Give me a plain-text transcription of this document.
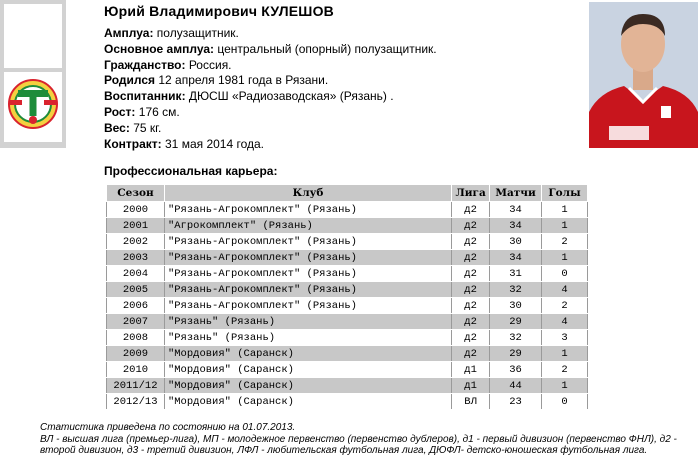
Юрий Владимирович КУЛЕШОВ
Амплуа: полузащитник.
Основное амплуа: центральный (опорный) полузащитник.
Гражданство: Россия.
Родился 12 апреля 1981 года в Рязани.
Воспитанник: ДЮСШ «Радиозаводская» (Рязань) .
Рост: 176 см.
Вес: 75 кг.
Контракт: 31 мая 2014 года.
Профессиональная карьера:
Сезон	Клуб	Лига	Матчи	Голы
2000	"Рязань-Агрокомплект" (Рязань)	д2	34	1
2001	"Агрокомплект" (Рязань)	д2	34	1
2002	"Рязань-Агрокомплект" (Рязань)	д2	30	2
2003	"Рязань-Агрокомплект" (Рязань)	д2	34	1
2004	"Рязань-Агрокомплект" (Рязань)	д2	31	0
2005	"Рязань-Агрокомплект" (Рязань)	д2	32	4
2006	"Рязань-Агрокомплект" (Рязань)	д2	30	2
2007	"Рязань" (Рязань)	д2	29	4
2008	"Рязань" (Рязань)	д2	32	3
2009	"Мордовия" (Саранск)	д2	29	1
2010	"Мордовия" (Саранск)	д1	36	2
2011/12	"Мордовия" (Саранск)	д1	44	1
2012/13	"Мордовия" (Саранск)	ВЛ	23	0
Статистика приведена по состоянию на 01.07.2013.
ВЛ - высшая лига (премьер-лига), МП - молодежное первенство (первенство дублеров), д1 - первый дивизион (первенство ФНЛ), д2 - второй дивизион, д3 - третий дивизион, ЛФЛ - любительская футбольная лига, ДЮФЛ- детско-юношеская футбольная лига.
